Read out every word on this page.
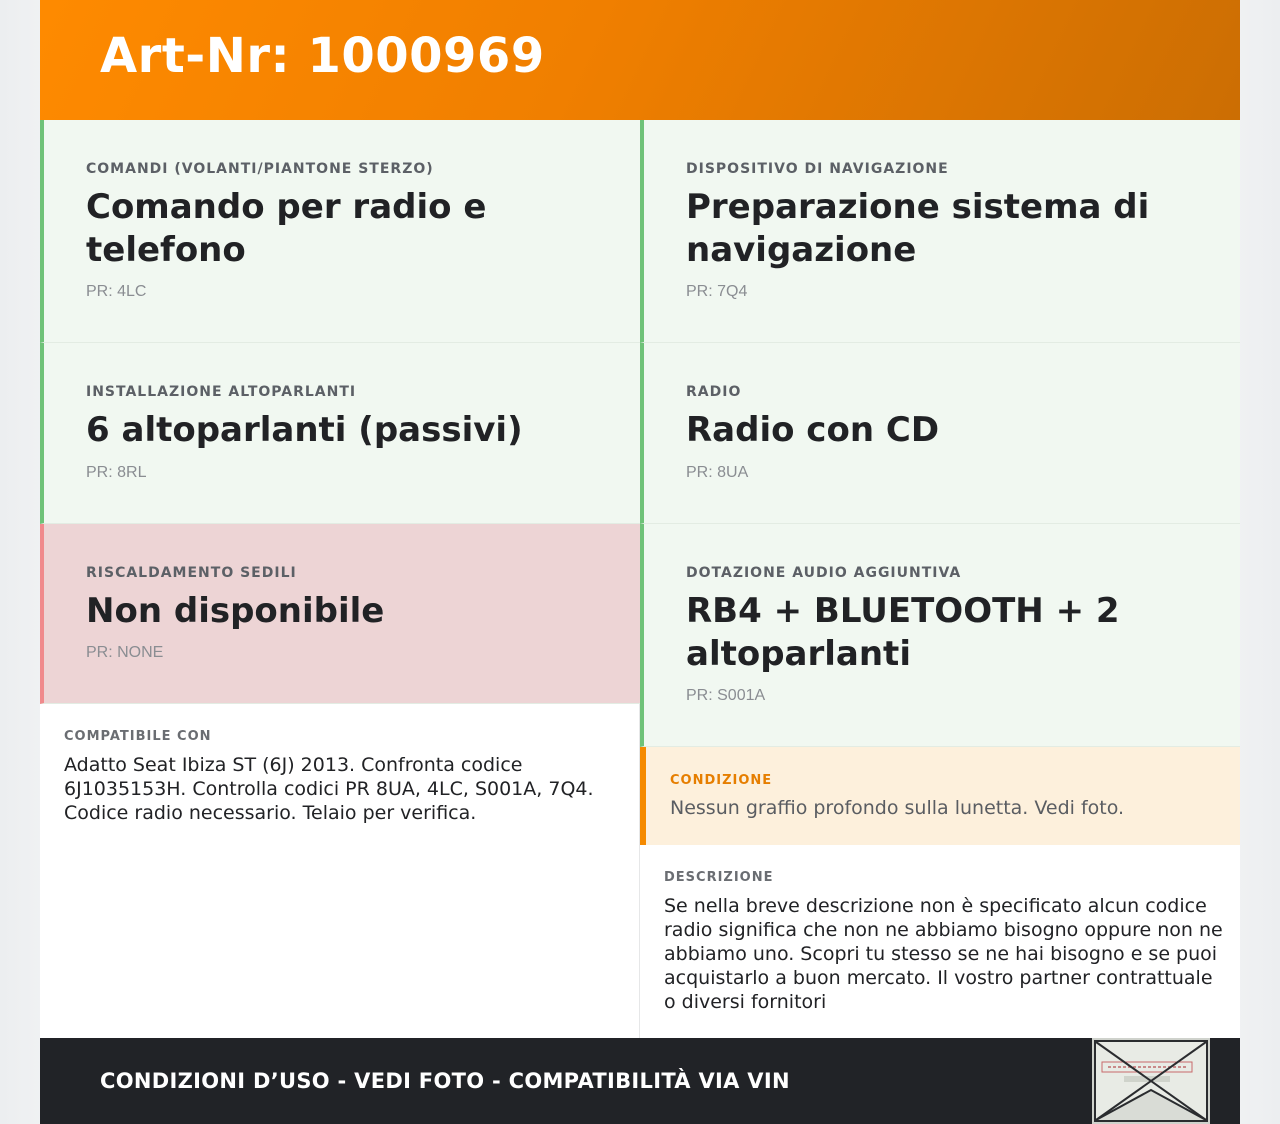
Art-Nr: 1000969
COMANDI (VOLANTI/PIANTONE STERZO)
Comando per radio e telefono
PR: 4LC
DISPOSITIVO DI NAVIGAZIONE
Preparazione sistema di navigazione
PR: 7Q4
INSTALLAZIONE ALTOPARLANTI
6 altoparlanti (passivi)
PR: 8RL
RADIO
Radio con CD
PR: 8UA
RISCALDAMENTO SEDILI
Non disponibile
PR: NONE
DOTAZIONE AUDIO AGGIUNTIVA
RB4 + BLUETOOTH + 2 altoparlanti
PR: S001A
COMPATIBILE CON
Adatto Seat Ibiza ST (6J) 2013. Confronta codice 6J1035153H. Controlla codici PR 8UA, 4LC, S001A, 7Q4. Codice radio necessario. Telaio per verifica.
CONDIZIONE
Nessun graffio profondo sulla lunetta. Vedi foto.
DESCRIZIONE
Se nella breve descrizione non è specificato alcun codice radio significa che non ne abbiamo bisogno oppure non ne abbiamo uno. Scopri tu stesso se ne hai bisogno e se puoi acquistarlo a buon mercato. Il vostro partner contrattuale o diversi fornitori
CONDIZIONI D’USO - VEDI FOTO - COMPATIBILITÀ VIA VIN
